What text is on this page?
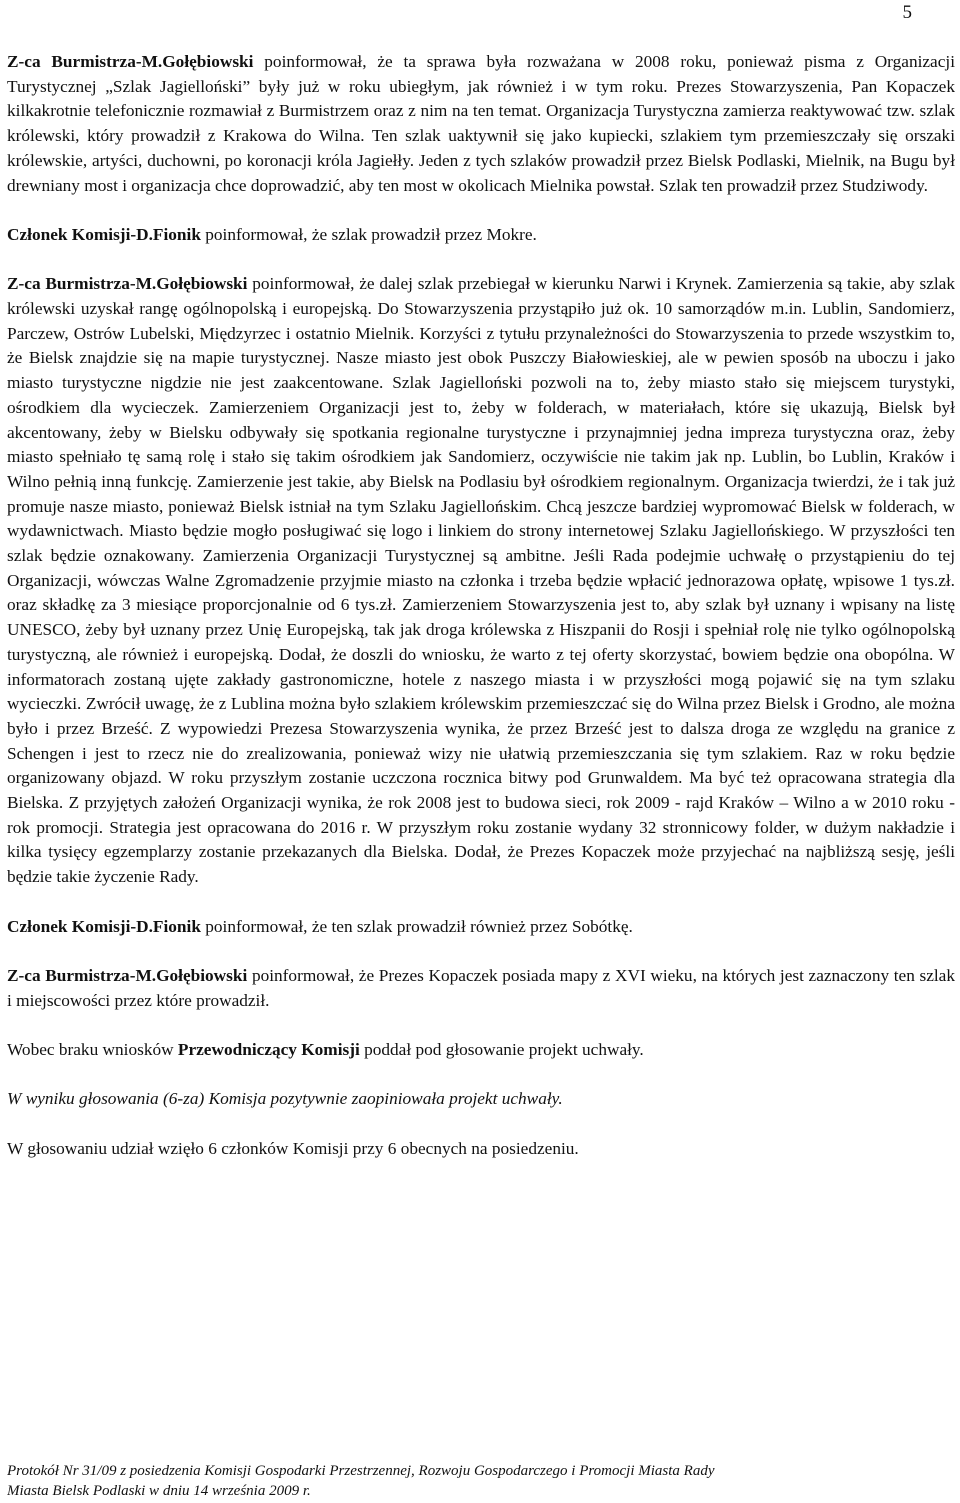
5

Z-ca Burmistrza-M.Gołębiowski poinformował, że ta sprawa była rozważana w 2008 roku, ponieważ pisma z Organizacji Turystycznej „Szlak Jagielloński” były już w roku ubiegłym, jak również i w tym roku. Prezes Stowarzyszenia, Pan Kopaczek kilkakrotnie telefonicznie rozmawiał z Burmistrzem oraz z nim na ten temat. Organizacja Turystyczna zamierza reaktywować tzw. szlak królewski, który prowadził z Krakowa do Wilna. Ten szlak uaktywnił się jako kupiecki, szlakiem tym przemieszczały się orszaki królewskie, artyści, duchowni, po koronacji króla Jagiełły. Jeden z tych szlaków prowadził przez Bielsk Podlaski, Mielnik, na Bugu był drewniany most i organizacja chce doprowadzić, aby ten most w okolicach Mielnika powstał. Szlak ten prowadził przez Studziwody.

Członek Komisji-D.Fionik poinformował, że szlak prowadził przez Mokre.

Z-ca Burmistrza-M.Gołębiowski poinformował, że dalej szlak przebiegał w kierunku Narwi i Krynek. Zamierzenia są takie, aby szlak królewski uzyskał rangę ogólnopolską i europejską. Do Stowarzyszenia przystąpiło już ok. 10 samorządów m.in. Lublin, Sandomierz, Parczew, Ostrów Lubelski, Międzyrzec i ostatnio Mielnik. Korzyści z tytułu przynależności do Stowarzyszenia to przede wszystkim to, że Bielsk znajdzie się na mapie turystycznej. Nasze miasto jest obok Puszczy Białowieskiej, ale w pewien sposób na uboczu i jako miasto turystyczne nigdzie nie jest zaakcentowane. Szlak Jagielloński pozwoli na to, żeby miasto stało się miejscem turystyki, ośrodkiem dla wycieczek. Zamierzeniem Organizacji jest to, żeby w folderach, w materiałach, które się ukazują, Bielsk był akcentowany, żeby w Bielsku odbywały się spotkania regionalne turystyczne i przynajmniej jedna impreza turystyczna oraz, żeby miasto spełniało tę samą rolę i stało się takim ośrodkiem jak Sandomierz, oczywiście nie takim jak np. Lublin, bo Lublin, Kraków i Wilno pełnią inną funkcję. Zamierzenie jest takie, aby Bielsk na Podlasiu był ośrodkiem regionalnym. Organizacja twierdzi, że i tak już promuje nasze miasto, ponieważ Bielsk istniał na tym Szlaku Jagiellońskim. Chcą jeszcze bardziej wypromować Bielsk w folderach, w wydawnictwach. Miasto będzie mogło posługiwać się logo i linkiem do strony internetowej Szlaku Jagiellońskiego. W przyszłości ten szlak będzie oznakowany. Zamierzenia Organizacji Turystycznej są ambitne. Jeśli Rada podejmie uchwałę o przystąpieniu do tej Organizacji, wówczas Walne Zgromadzenie przyjmie miasto na członka i trzeba będzie wpłacić jednorazowa opłatę, wpisowe 1 tys.zł. oraz składkę za 3 miesiące proporcjonalnie od 6 tys.zł. Zamierzeniem Stowarzyszenia jest to, aby szlak był uznany i wpisany na listę UNESCO, żeby był uznany przez Unię Europejską, tak jak droga królewska z Hiszpanii do Rosji i spełniał rolę nie tylko ogólnopolską turystyczną, ale również i europejską. Dodał, że doszli do wniosku, że warto z tej oferty skorzystać, bowiem będzie ona obopólna. W informatorach zostaną ujęte zakłady gastronomiczne, hotele z naszego miasta i w przyszłości mogą pojawić się na tym szlaku wycieczki. Zwrócił uwagę, że z Lublina można było szlakiem królewskim przemieszczać się do Wilna przez Bielsk i Grodno, ale można było i przez Brześć. Z wypowiedzi Prezesa Stowarzyszenia wynika, że przez Brześć jest to dalsza droga ze względu na granice z Schengen i jest to rzecz nie do zrealizowania, ponieważ wizy nie ułatwią przemieszczania się tym szlakiem. Raz w roku będzie organizowany objazd. W roku przyszłym zostanie uczczona rocznica bitwy pod Grunwaldem. Ma być też opracowana strategia dla Bielska. Z przyjętych założeń Organizacji wynika, że rok 2008 jest to budowa sieci, rok 2009 - rajd Kraków – Wilno a w 2010 roku - rok promocji. Strategia jest opracowana do 2016 r. W przyszłym roku zostanie wydany 32 stronnicowy folder, w dużym nakładzie i kilka tysięcy egzemplarzy zostanie przekazanych dla Bielska. Dodał, że Prezes Kopaczek może przyjechać na najbliższą sesję, jeśli będzie takie życzenie Rady.

Członek Komisji-D.Fionik poinformował, że ten szlak prowadził również przez Sobótkę.

Z-ca Burmistrza-M.Gołębiowski poinformował, że Prezes Kopaczek posiada mapy z XVI wieku, na których jest zaznaczony ten szlak i miejscowości przez które prowadził.

Wobec braku wniosków Przewodniczący Komisji poddał pod głosowanie projekt uchwały.

W wyniku głosowania (6-za) Komisja pozytywnie zaopiniowała projekt uchwały.

W głosowaniu udział wzięło 6 członków Komisji przy 6 obecnych na posiedzeniu.

Protokół Nr 31/09 z posiedzenia Komisji Gospodarki Przestrzennej, Rozwoju Gospodarczego i Promocji Miasta Rady
Miasta Bielsk Podlaski w dniu 14 września 2009 r.
